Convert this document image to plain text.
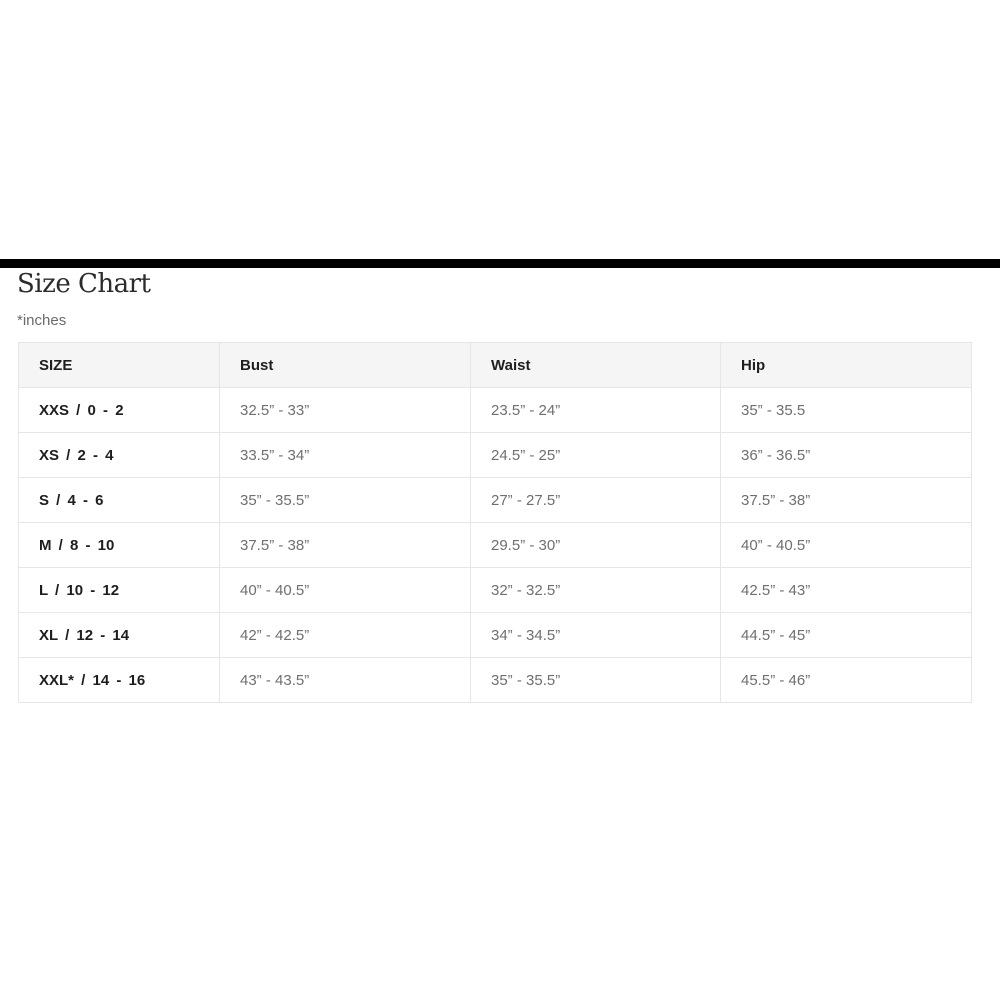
Size Chart
*inches
SIZE	Bust	Waist	Hip
XXS / 0 - 2	32.5” - 33”	23.5” - 24”	35” - 35.5
XS / 2 - 4	33.5” - 34”	24.5” - 25”	36” - 36.5”
S / 4 - 6	35” - 35.5”	27” - 27.5”	37.5” - 38”
M / 8 - 10	37.5” - 38”	29.5” - 30”	40” - 40.5”
L / 10 - 12	40” - 40.5”	32” - 32.5”	42.5” - 43”
XL / 12 - 14	42” - 42.5”	34” - 34.5”	44.5” - 45”
XXL* / 14 - 16	43” - 43.5”	35” - 35.5”	45.5” - 46”
